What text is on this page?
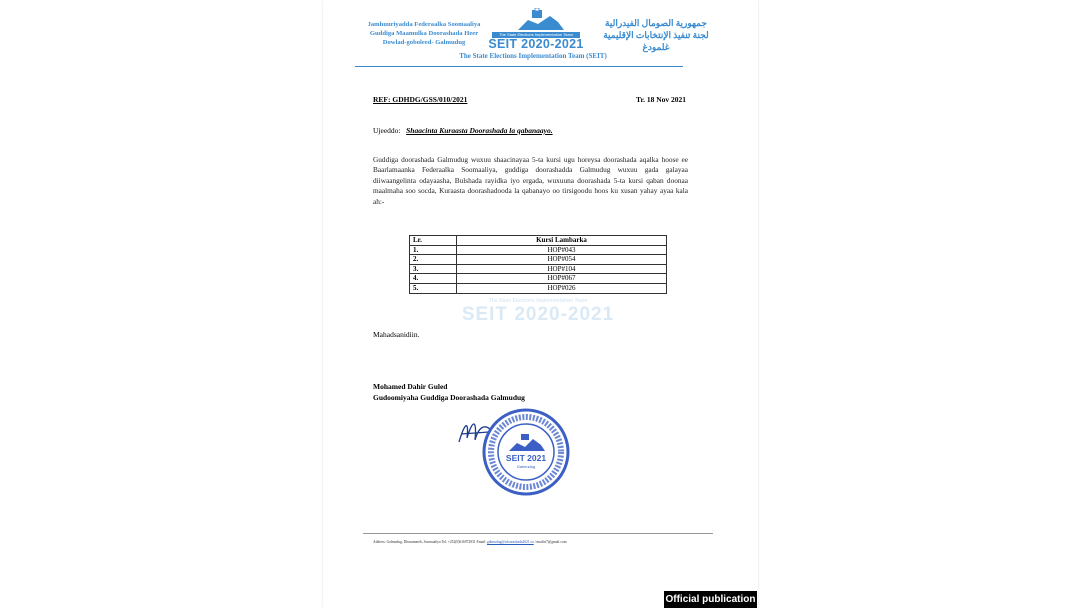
Jamhuuriyadda Federaalka Soomaaliya
Guddiga Maamulka Doorashada Heer
Dowlad-goboleed- Galmudug
The State Elections Implementation Team
SEIT 2020-2021
جمهورية الصومال الفيدرالية
لجنة تنفيذ الإنتخابات الإقليمية غلمودغ
The State Elections Implementation Team (SEIT)
REF: GDHDG/GSS/010/2021	Tr. 18 Nov 2021
Ujeeddo: Shaacinta Kuraasta Doorashada la qabanaayo.
Guddiga doorashada Galmudug wuxuu shaacinayaa 5-ta kursi ugu horeysa doorashada aqalka hoose ee Baarlamaanka Federaalka Soomaaliya, guddiga doorashadda Galmudug wuxuu gada galayaa diiwaangelinta odayaasha, Bulshada rayidka iyo ergada, wuxuuna doorashada 5-ta kursi qaban doonaa maalmaha soo socda, Kuraasta doorashadooda la qabanayo oo tirsigoodu hoos ku xusan yahay ayaa kala ah:-
Lr.	Kursi Lambarka
1.	HOP#043
2.	HOP#054
3.	HOP#104
4.	HOP#067
5.	HOP#026
The State Elections Implementation Team
SEIT 2020-2021
Mahadsanidiin.
Mohamed Dahir Guled
Gudoomiyaha Guddiga Doorashada Galmudug
SEIT 2021
Galmudug
Address: Galmudug, Dhusamareb, Soomaaliya Tel: +252(0)616972831 Email: galmudug@sdoorashada2021.so / mudiri7@gmail.com
Official publication
